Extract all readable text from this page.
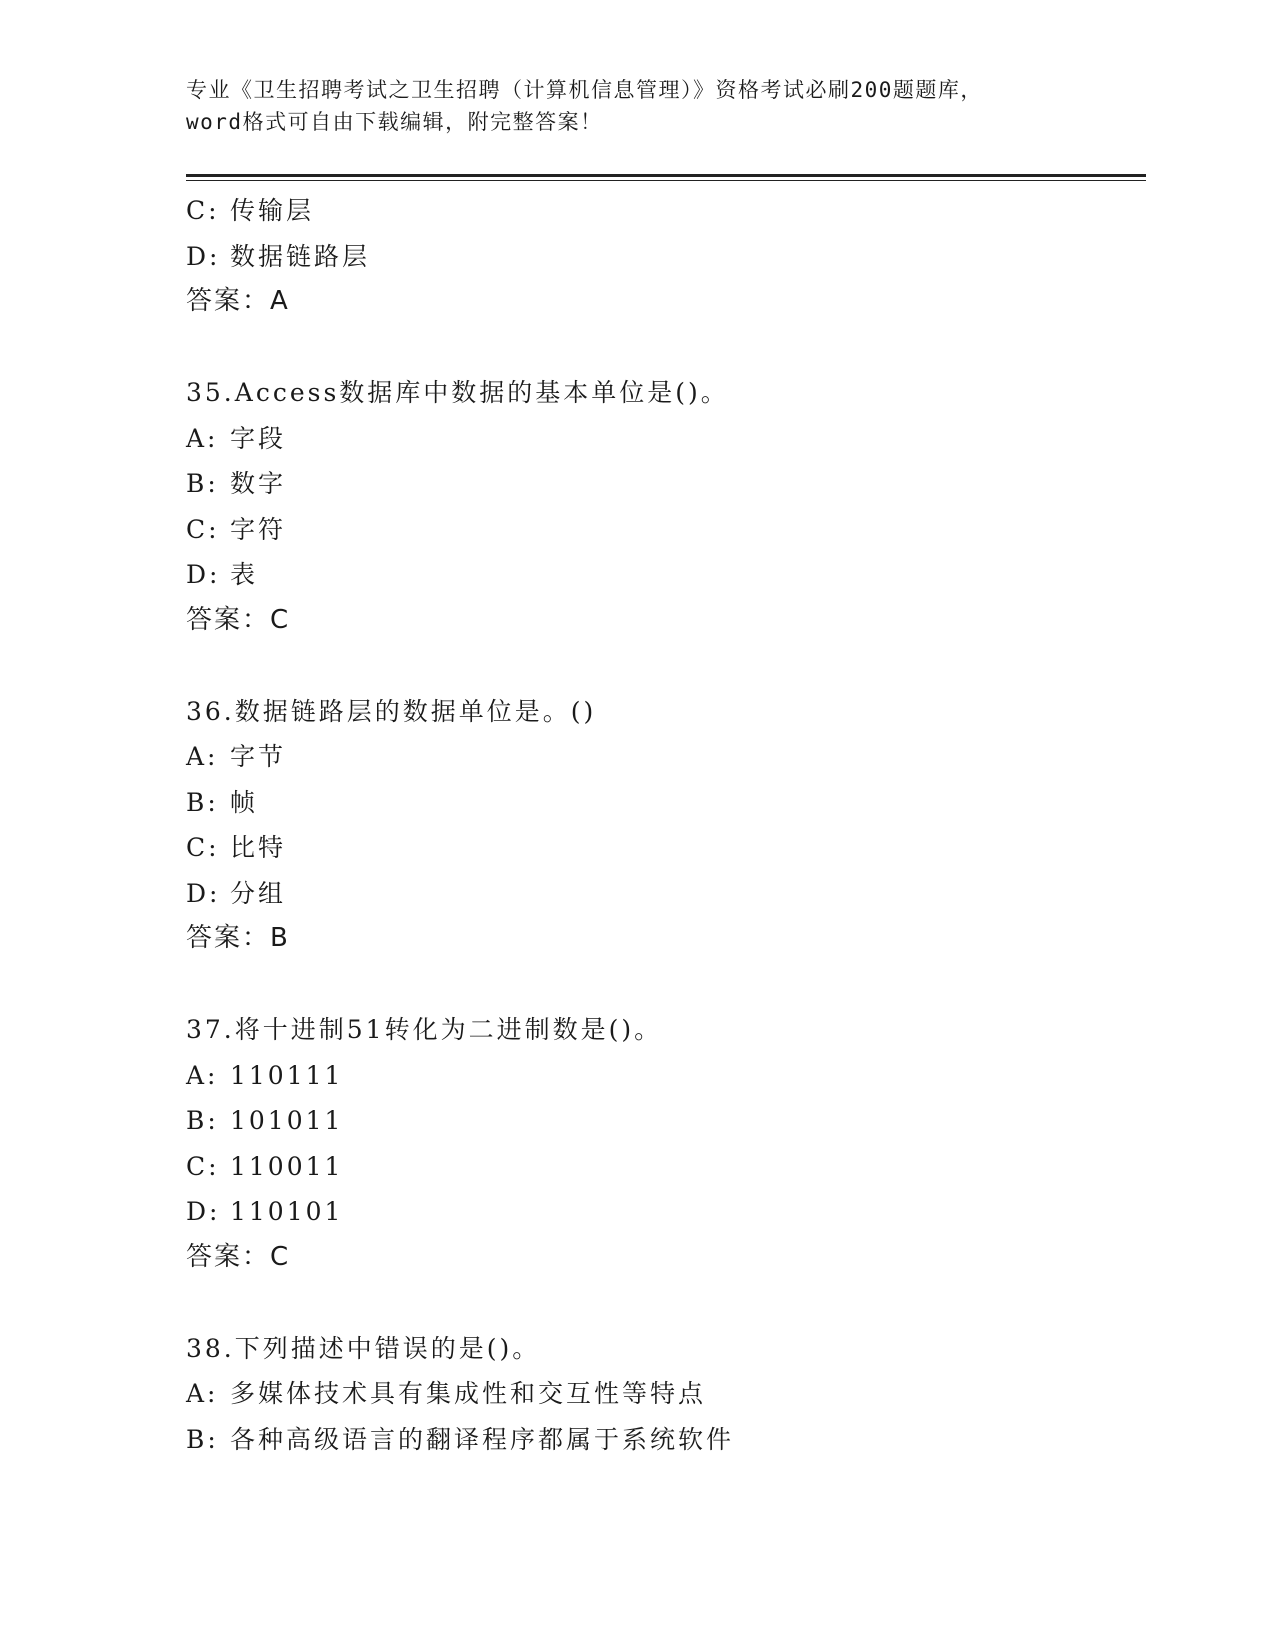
专业《卫生招聘考试之卫生招聘（计算机信息管理）》资格考试必刷200题题库，
word格式可自由下载编辑，附完整答案！
C: 传输层
D: 数据链路层
答案：A
35.Access数据库中数据的基本单位是()。
A: 字段
B: 数字
C: 字符
D: 表
答案：C
36.数据链路层的数据单位是。()
A: 字节
B: 帧
C: 比特
D: 分组
答案：B
37.将十进制51转化为二进制数是()。
A: 110111
B: 101011
C: 110011
D: 110101
答案：C
38.下列描述中错误的是()。
A: 多媒体技术具有集成性和交互性等特点
B: 各种高级语言的翻译程序都属于系统软件
